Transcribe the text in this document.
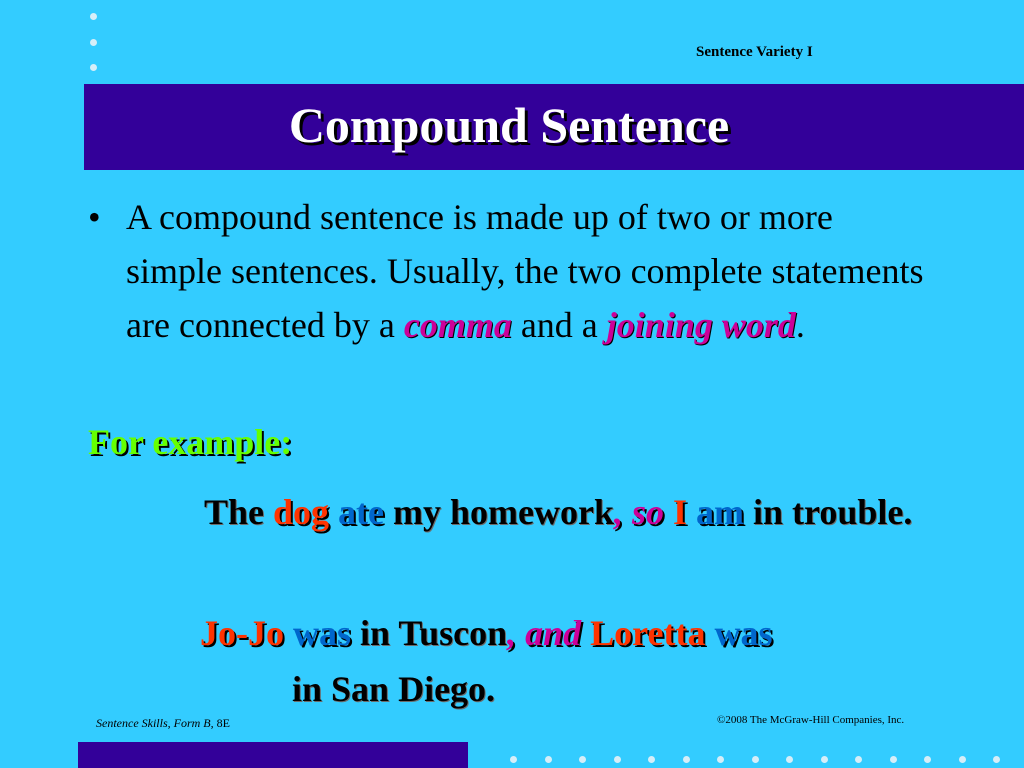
Sentence Variety I
Compound Sentence
• A compound sentence is made up of two or more simple sentences. Usually, the two complete statements are connected by a comma and a joining word.
For example:
The dog ate my homework, so I am in trouble.
Jo-Jo was in Tuscon, and Loretta was
in San Diego.
Sentence Skills, Form B, 8E	©2008 The McGraw-Hill Companies, Inc.
